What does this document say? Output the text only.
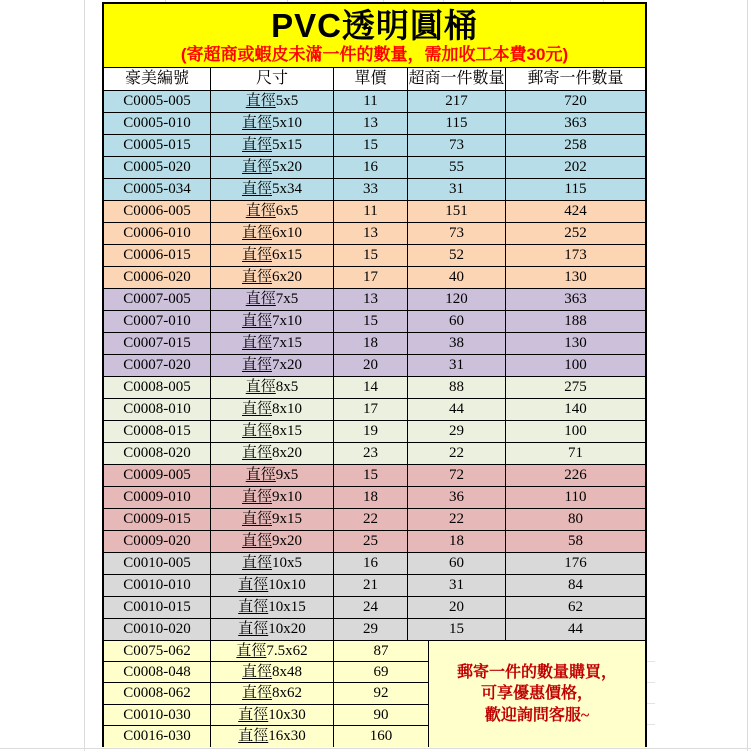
PVC透明圓桶
(寄超商或蝦皮未滿一件的數量，需加收工本費30元)
豪美編號	尺寸	單價	超商一件數量	郵寄一件數量
C0005-005	直徑5x5	11	217	720
C0005-010	直徑5x10	13	115	363
C0005-015	直徑5x15	15	73	258
C0005-020	直徑5x20	16	55	202
C0005-034	直徑5x34	33	31	115
C0006-005	直徑6x5	11	151	424
C0006-010	直徑6x10	13	73	252
C0006-015	直徑6x15	15	52	173
C0006-020	直徑6x20	17	40	130
C0007-005	直徑7x5	13	120	363
C0007-010	直徑7x10	15	60	188
C0007-015	直徑7x15	18	38	130
C0007-020	直徑7x20	20	31	100
C0008-005	直徑8x5	14	88	275
C0008-010	直徑8x10	17	44	140
C0008-015	直徑8x15	19	29	100
C0008-020	直徑8x20	23	22	71
C0009-005	直徑9x5	15	72	226
C0009-010	直徑9x10	18	36	110
C0009-015	直徑9x15	22	22	80
C0009-020	直徑9x20	25	18	58
C0010-005	直徑10x5	16	60	176
C0010-010	直徑10x10	21	31	84
C0010-015	直徑10x15	24	20	62
C0010-020	直徑10x20	29	15	44
C0075-062	直徑7.5x62	87
C0008-048	直徑8x48	69
C0008-062	直徑8x62	92
C0010-030	直徑10x30	90
C0016-030	直徑16x30	160
郵寄一件的數量購買，
可享優惠價格，
歡迎詢問客服~
